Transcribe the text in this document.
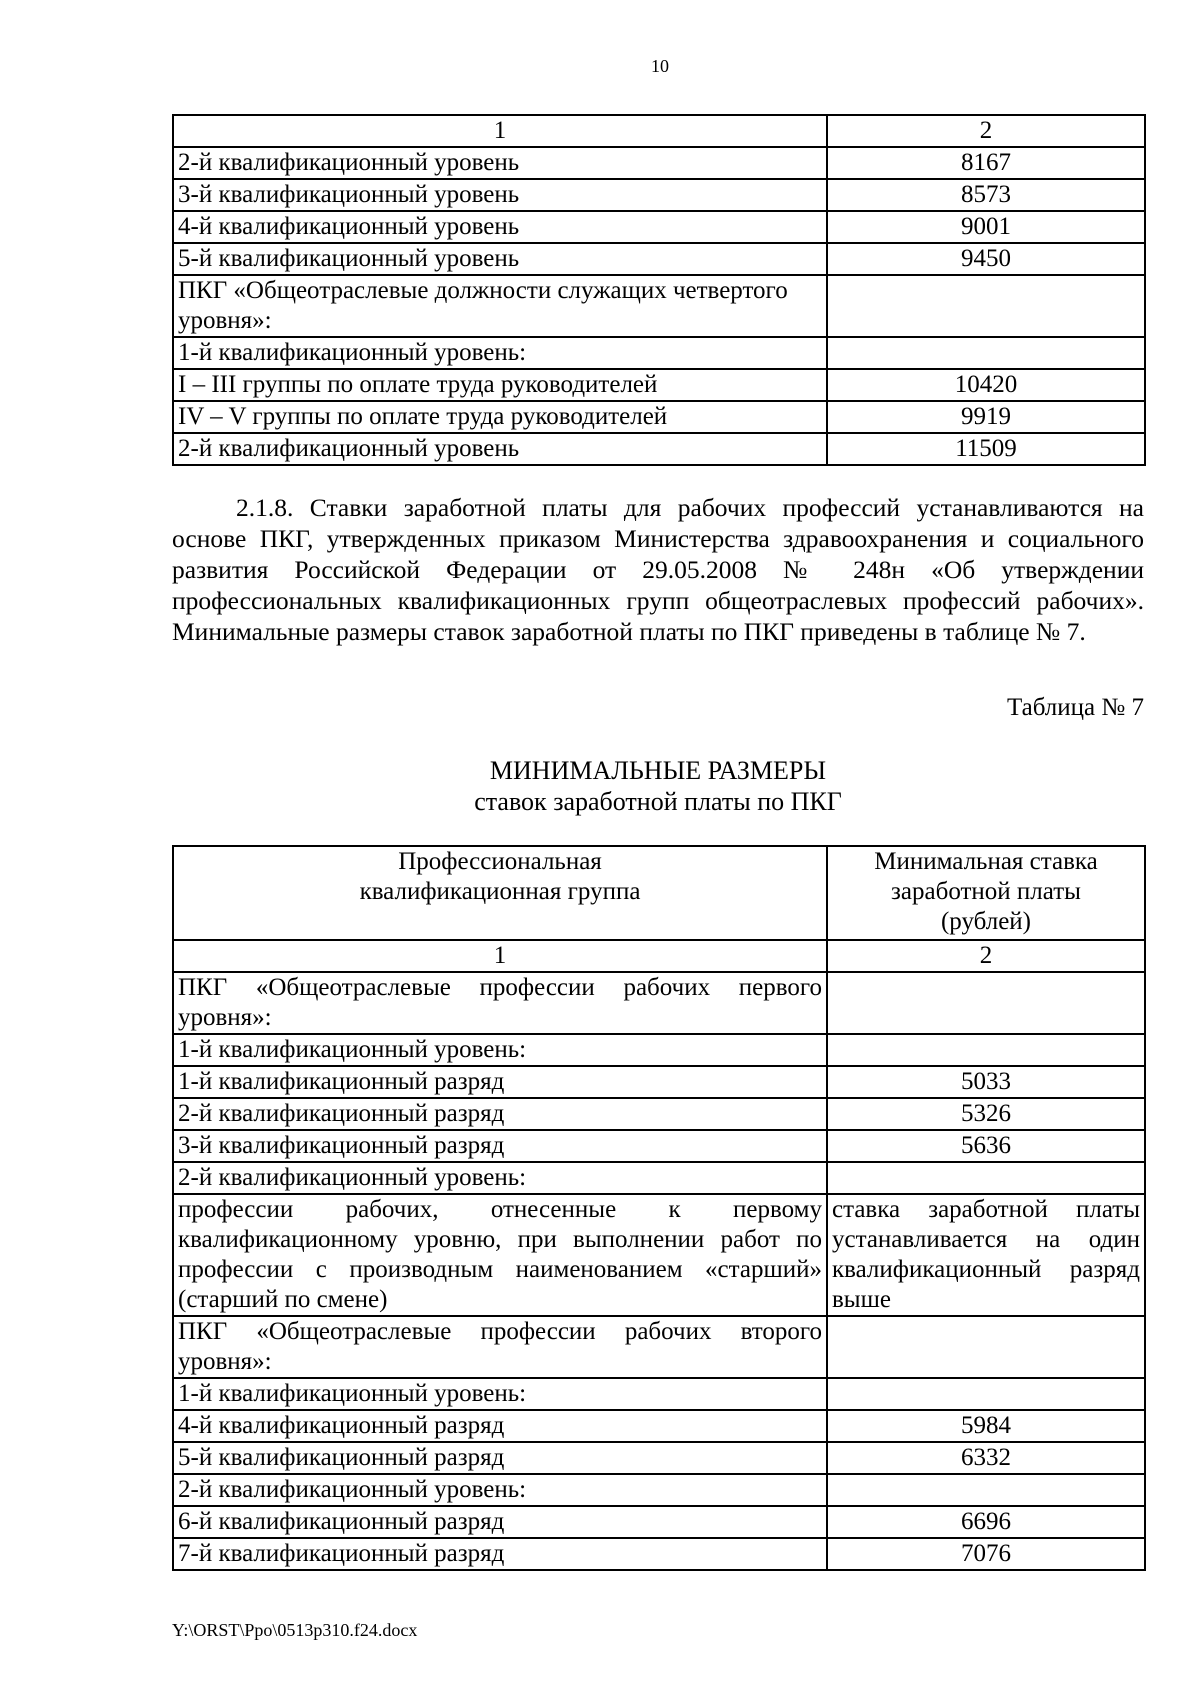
10
1	2
2-й квалификационный уровень	8167
3-й квалификационный уровень	8573
4-й квалификационный уровень	9001
5-й квалификационный уровень	9450
ПКГ «Общеотраслевые должности служащих четвертого уровня»:	
1-й квалификационный уровень:	
I – III группы по оплате труда руководителей	10420
IV – V группы по оплате труда руководителей	9919
2-й квалификационный уровень	11509
2.1.8. Ставки заработной платы для рабочих профессий устанавливаются на основе ПКГ, утвержденных приказом Министерства здравоохранения и социального развития Российской Федерации от 29.05.2008 № 248н «Об утверждении профессиональных квалификационных групп общеотраслевых профессий рабочих». Минимальные размеры ставок заработной платы по ПКГ приведены в таблице № 7.
Таблица № 7
МИНИМАЛЬНЫЕ РАЗМЕРЫ
ставок заработной платы по ПКГ
Профессиональная квалификационная группа	Минимальная ставка заработной платы (рублей)
1	2
ПКГ «Общеотраслевые профессии рабочих первого уровня»:	
1-й квалификационный уровень:	
1-й квалификационный разряд	5033
2-й квалификационный разряд	5326
3-й квалификационный разряд	5636
2-й квалификационный уровень:	
профессии рабочих, отнесенные к первому квалификационному уровню, при выполнении работ по профессии с производным наименованием «старший» (старший по смене)	ставка заработной платы устанавливается на один квалификационный разряд выше
ПКГ «Общеотраслевые профессии рабочих второго уровня»:	
1-й квалификационный уровень:	
4-й квалификационный разряд	5984
5-й квалификационный разряд	6332
2-й квалификационный уровень:	
6-й квалификационный разряд	6696
7-й квалификационный разряд	7076
Y:\ORST\Ppo\0513p310.f24.docx
